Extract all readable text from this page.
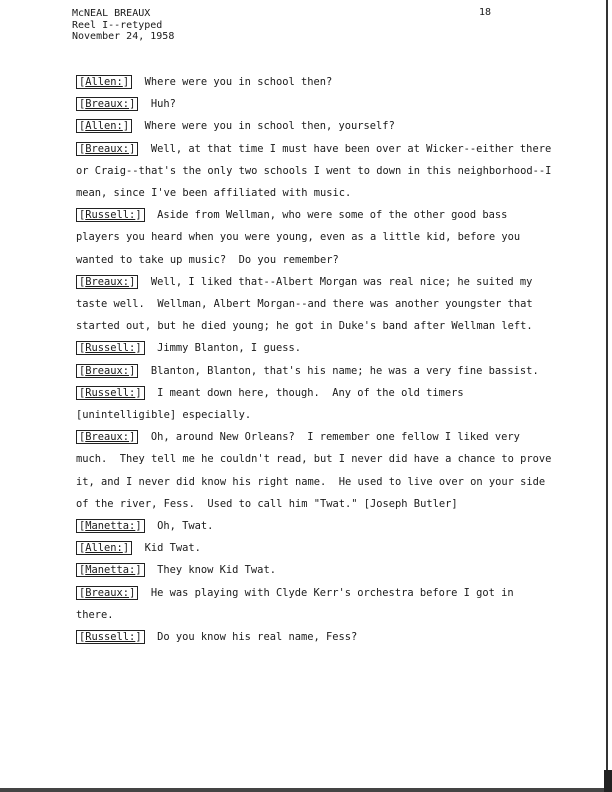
McNEAL BREAUX
Reel I--retyped
November 24, 1958
18
[Allen:] Where were you in school then?
[Breaux:] Huh?
[Allen:] Where were you in school then, yourself?
[Breaux:] Well, at that time I must have been over at Wicker--either there or Craig--that's the only two schools I went to down in this neighborhood--I mean, since I've been affiliated with music.
[Russell:] Aside from Wellman, who were some of the other good bass players you heard when you were young, even as a little kid, before you wanted to take up music?  Do you remember?
[Breaux:] Well, I liked that--Albert Morgan was real nice; he suited my taste well.  Wellman, Albert Morgan--and there was another youngster that started out, but he died young; he got in Duke's band after Wellman left.
[Russell:] Jimmy Blanton, I guess.
[Breaux:] Blanton, Blanton, that's his name; he was a very fine bassist.
[Russell:] I meant down here, though.  Any of the old timers [unintelligible] especially.
[Breaux:] Oh, around New Orleans?  I remember one fellow I liked very much.  They tell me he couldn't read, but I never did have a chance to prove it, and I never did know his right name.  He used to live over on your side of the river, Fess.  Used to call him "Twat." [Joseph Butler]
[Manetta:] Oh, Twat.
[Allen:] Kid Twat.
[Manetta:] They know Kid Twat.
[Breaux:] He was playing with Clyde Kerr's orchestra before I got in there.
[Russell:] Do you know his real name, Fess?
